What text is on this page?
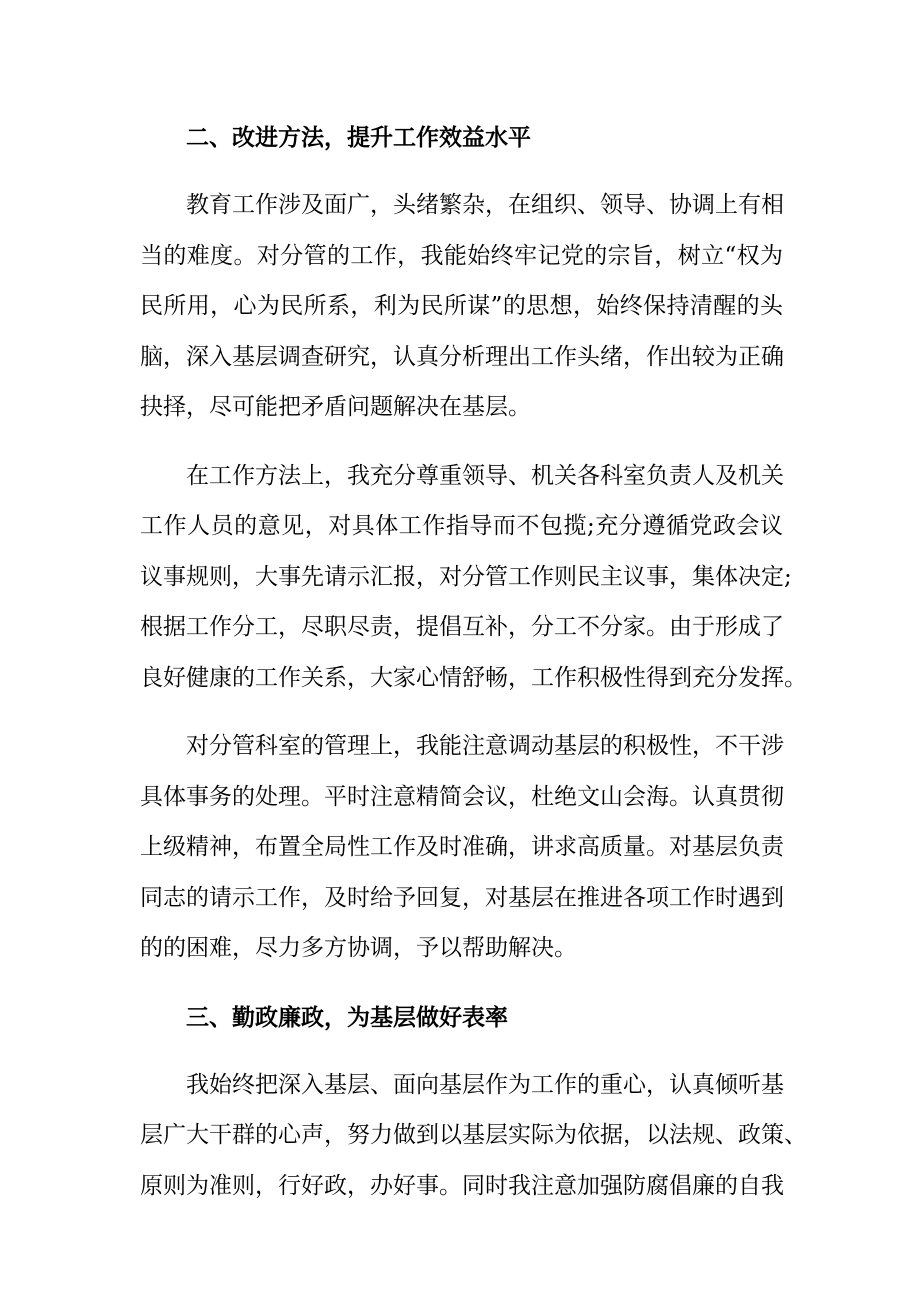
二、改进方法，提升工作效益水平
教育工作涉及面广，头绪繁杂，在组织、领导、协调上有相
当的难度。对分管的工作，我能始终牢记党的宗旨，树立“权为
民所用，心为民所系，利为民所谋”的思想，始终保持清醒的头
脑，深入基层调查研究，认真分析理出工作头绪，作出较为正确
抉择，尽可能把矛盾问题解决在基层。
在工作方法上，我充分尊重领导、机关各科室负责人及机关
工作人员的意见，对具体工作指导而不包揽;充分遵循党政会议
议事规则，大事先请示汇报，对分管工作则民主议事，集体决定;
根据工作分工，尽职尽责，提倡互补，分工不分家。由于形成了
良好健康的工作关系，大家心情舒畅，工作积极性得到充分发挥。
对分管科室的管理上，我能注意调动基层的积极性，不干涉
具体事务的处理。平时注意精简会议，杜绝文山会海。认真贯彻
上级精神，布置全局性工作及时准确，讲求高质量。对基层负责
同志的请示工作，及时给予回复，对基层在推进各项工作时遇到
的的困难，尽力多方协调，予以帮助解决。
三、勤政廉政，为基层做好表率
我始终把深入基层、面向基层作为工作的重心，认真倾听基
层广大干群的心声，努力做到以基层实际为依据，以法规、政策、
原则为准则，行好政，办好事。同时我注意加强防腐倡廉的自我
